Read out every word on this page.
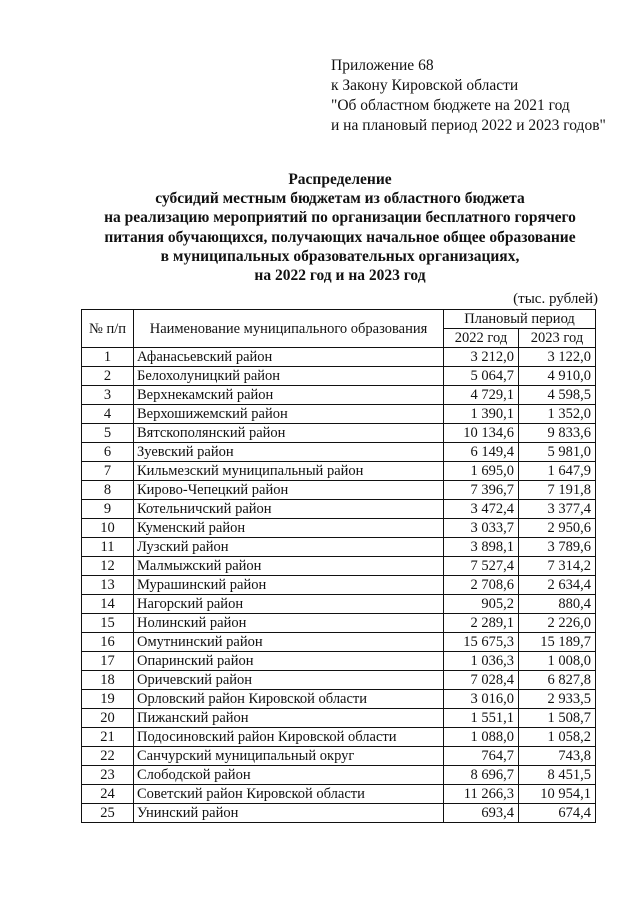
Приложение 68
к Закону Кировской области
"Об областном бюджете на 2021 год
и на плановый период 2022 и 2023 годов"
Распределение
субсидий местным бюджетам из областного бюджета
на реализацию мероприятий по организации бесплатного горячего
питания обучающихся, получающих начальное общее образование
в муниципальных образовательных организациях,
на 2022 год и на 2023 год
(тыс. рублей)
№ п/п	Наименование муниципального образования	Плановый период	
		2022 год	2023 год
1	Афанасьевский район	3 212,0	3 122,0
2	Белохолуницкий район	5 064,7	4 910,0
3	Верхнекамский район	4 729,1	4 598,5
4	Верхошижемский район	1 390,1	1 352,0
5	Вятскополянский район	10 134,6	9 833,6
6	Зуевский район	6 149,4	5 981,0
7	Кильмезский муниципальный район	1 695,0	1 647,9
8	Кирово-Чепецкий район	7 396,7	7 191,8
9	Котельничский район	3 472,4	3 377,4
10	Куменский район	3 033,7	2 950,6
11	Лузский район	3 898,1	3 789,6
12	Малмыжский район	7 527,4	7 314,2
13	Мурашинский район	2 708,6	2 634,4
14	Нагорский район	905,2	880,4
15	Нолинский район	2 289,1	2 226,0
16	Омутнинский район	15 675,3	15 189,7
17	Опаринский район	1 036,3	1 008,0
18	Оричевский район	7 028,4	6 827,8
19	Орловский район Кировской области	3 016,0	2 933,5
20	Пижанский район	1 551,1	1 508,7
21	Подосиновский район Кировской области	1 088,0	1 058,2
22	Санчурский муниципальный округ	764,7	743,8
23	Слободской район	8 696,7	8 451,5
24	Советский район Кировской области	11 266,3	10 954,1
25	Унинский район	693,4	674,4
